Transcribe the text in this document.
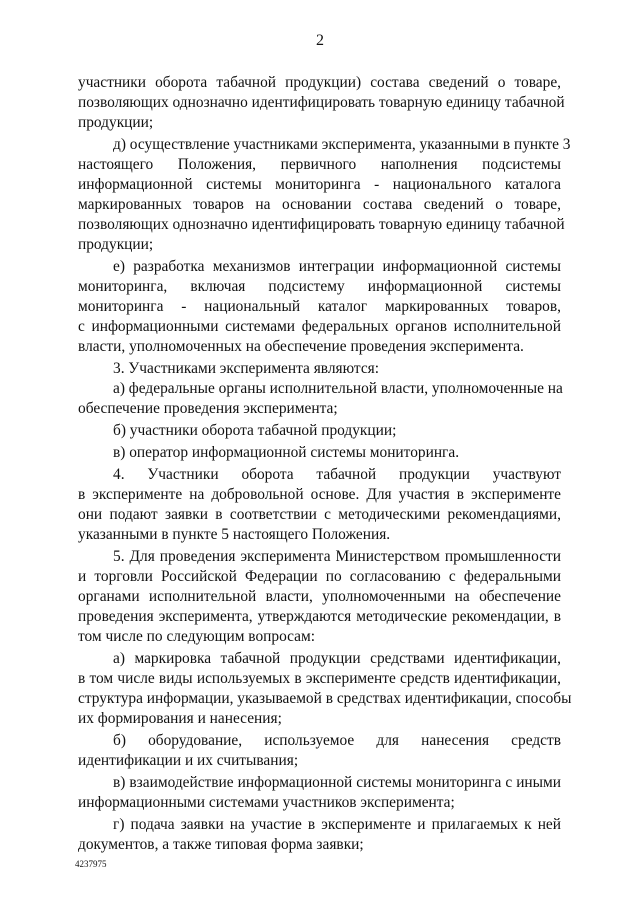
2
участники оборота табачной продукции) состава сведений о товаре,
позволяющих однозначно идентифицировать товарную единицу табачной
продукции;
д) осуществление участниками эксперимента, указанными в пункте 3
настоящего Положения, первичного наполнения подсистемы
информационной системы мониторинга - национального каталога
маркированных товаров на основании состава сведений о товаре,
позволяющих однозначно идентифицировать товарную единицу табачной
продукции;
е) разработка механизмов интеграции информационной системы
мониторинга, включая подсистему информационной системы
мониторинга - национальный каталог маркированных товаров,
с информационными системами федеральных органов исполнительной
власти, уполномоченных на обеспечение проведения эксперимента.
3. Участниками эксперимента являются:
а) федеральные органы исполнительной власти, уполномоченные на
обеспечение проведения эксперимента;
б) участники оборота табачной продукции;
в) оператор информационной системы мониторинга.
4. Участники оборота табачной продукции участвуют
в эксперименте на добровольной основе. Для участия в эксперименте
они подают заявки в соответствии с методическими рекомендациями,
указанными в пункте 5 настоящего Положения.
5. Для проведения эксперимента Министерством промышленности
и торговли Российской Федерации по согласованию с федеральными
органами исполнительной власти, уполномоченными на обеспечение
проведения эксперимента, утверждаются методические рекомендации, в
том числе по следующим вопросам:
а) маркировка табачной продукции средствами идентификации,
в том числе виды используемых в эксперименте средств идентификации,
структура информации, указываемой в средствах идентификации, способы
их формирования и нанесения;
б) оборудование, используемое для нанесения средств
идентификации и их считывания;
в) взаимодействие информационной системы мониторинга с иными
информационными системами участников эксперимента;
г) подача заявки на участие в эксперименте и прилагаемых к ней
документов, а также типовая форма заявки;
4237975
